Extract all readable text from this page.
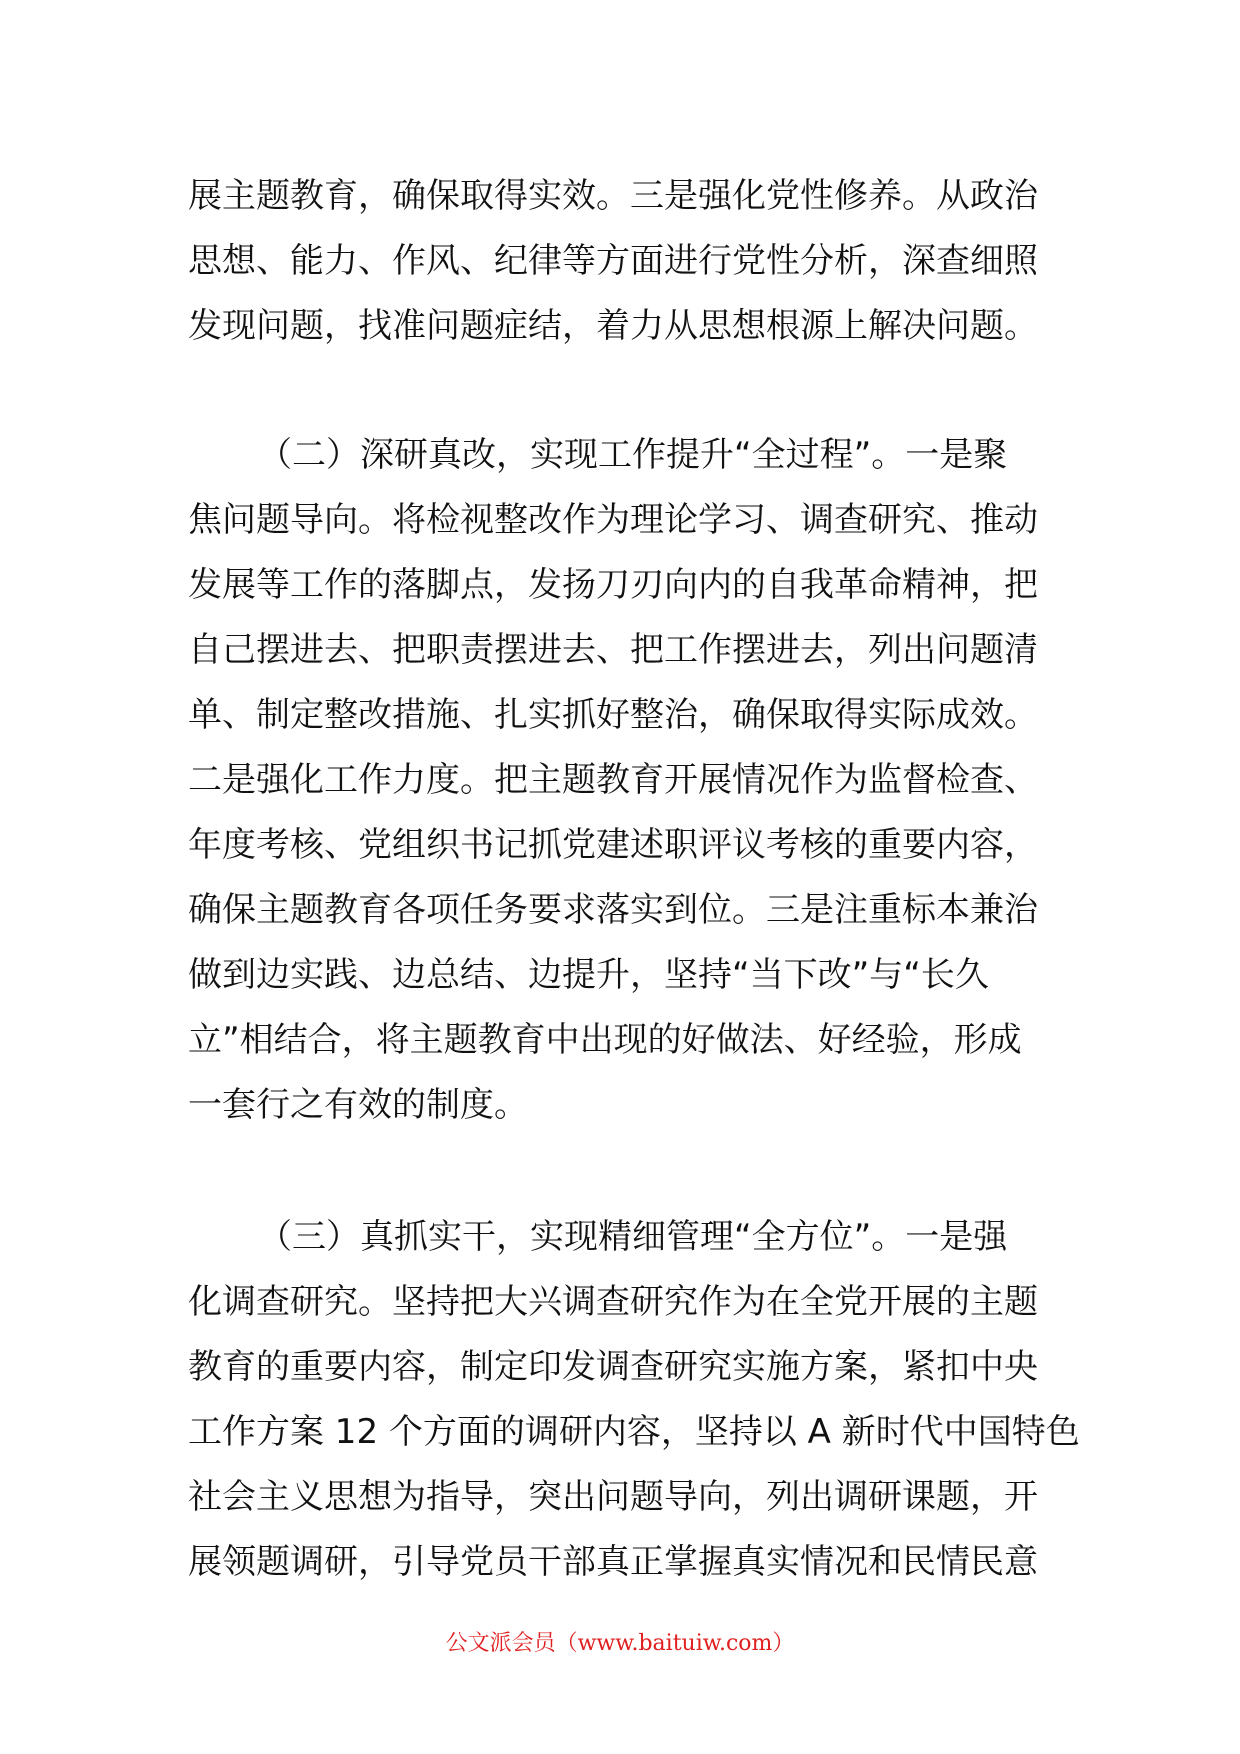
展主题教育，确保取得实效。三是强化党性修养。从政治
思想、能力、作风、纪律等方面进行党性分析，深查细照
发现问题，找准问题症结，着力从思想根源上解决问题。
（二）深研真改，实现工作提升“全过程”。一是聚
焦问题导向。将检视整改作为理论学习、调查研究、推动
发展等工作的落脚点，发扬刀刃向内的自我革命精神，把
自己摆进去、把职责摆进去、把工作摆进去，列出问题清
单、制定整改措施、扎实抓好整治，确保取得实际成效。
二是强化工作力度。把主题教育开展情况作为监督检查、
年度考核、党组织书记抓党建述职评议考核的重要内容，
确保主题教育各项任务要求落实到位。三是注重标本兼治
做到边实践、边总结、边提升，坚持“当下改”与“长久
立”相结合，将主题教育中出现的好做法、好经验，形成
一套行之有效的制度。
（三）真抓实干，实现精细管理“全方位”。一是强
化调查研究。坚持把大兴调查研究作为在全党开展的主题
教育的重要内容，制定印发调查研究实施方案，紧扣中央
工作方案 12 个方面的调研内容，坚持以 A 新时代中国特色
社会主义思想为指导，突出问题导向，列出调研课题，开
展领题调研，引导党员干部真正掌握真实情况和民情民意
公文派会员（www.baituiw.com）
